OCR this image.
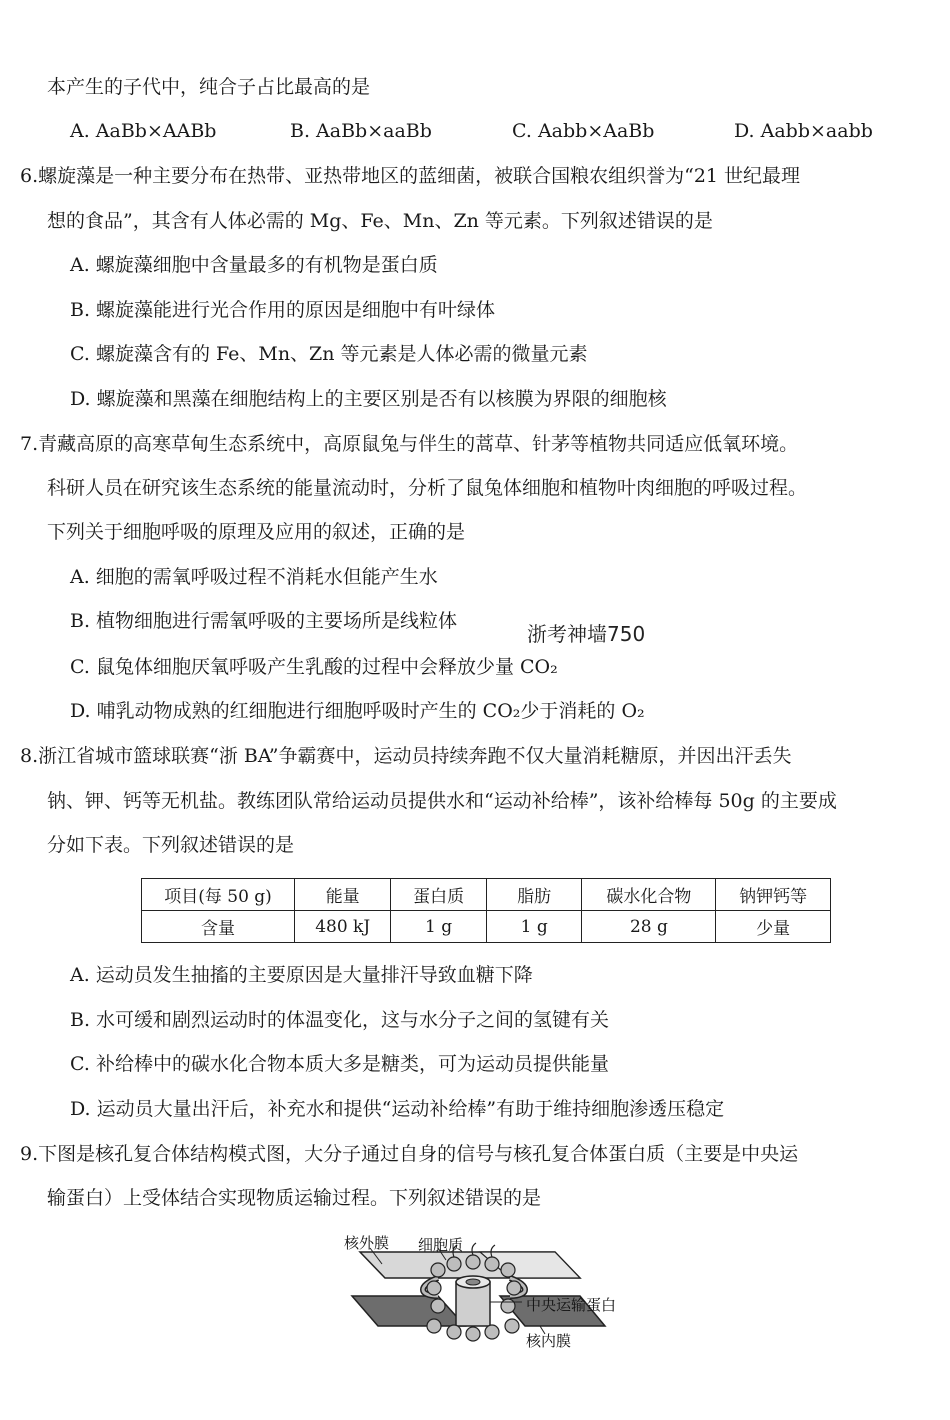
本产生的子代中，纯合子占比最高的是
A. AaBb×AABb	B. AaBb×aaBb	C. Aabb×AaBb	D. Aabb×aabb
6.螺旋藻是一种主要分布在热带、亚热带地区的蓝细菌，被联合国粮农组织誉为“21 世纪最理
想的食品”，其含有人体必需的 Mg、Fe、Mn、Zn 等元素。下列叙述错误的是
A. 螺旋藻细胞中含量最多的有机物是蛋白质
B. 螺旋藻能进行光合作用的原因是细胞中有叶绿体
C. 螺旋藻含有的 Fe、Mn、Zn 等元素是人体必需的微量元素
D. 螺旋藻和黑藻在细胞结构上的主要区别是否有以核膜为界限的细胞核
7.青藏高原的高寒草甸生态系统中，高原鼠兔与伴生的蒿草、针茅等植物共同适应低氧环境。
科研人员在研究该生态系统的能量流动时，分析了鼠兔体细胞和植物叶肉细胞的呼吸过程。
下列关于细胞呼吸的原理及应用的叙述，正确的是
A. 细胞的需氧呼吸过程不消耗水但能产生水
B. 植物细胞进行需氧呼吸的主要场所是线粒体
浙考神墙750
C. 鼠兔体细胞厌氧呼吸产生乳酸的过程中会释放少量 CO₂
D. 哺乳动物成熟的红细胞进行细胞呼吸时产生的 CO₂少于消耗的 O₂
8.浙江省城市篮球联赛“浙 BA”争霸赛中，运动员持续奔跑不仅大量消耗糖原，并因出汗丢失
钠、钾、钙等无机盐。教练团队常给运动员提供水和“运动补给棒”，该补给棒每 50g 的主要成
分如下表。下列叙述错误的是
项目(每 50 g)	能量	蛋白质	脂肪	碳水化合物	钠钾钙等
含量	480 kJ	1 g	1 g	28 g	少量
A. 运动员发生抽搐的主要原因是大量排汗导致血糖下降
B. 水可缓和剧烈运动时的体温变化，这与水分子之间的氢键有关
C. 补给棒中的碳水化合物本质大多是糖类，可为运动员提供能量
D. 运动员大量出汗后，补充水和提供“运动补给棒”有助于维持细胞渗透压稳定
9.下图是核孔复合体结构模式图，大分子通过自身的信号与核孔复合体蛋白质（主要是中央运
输蛋白）上受体结合实现物质运输过程。下列叙述错误的是
核外膜 细胞质
中央运输蛋白
核内膜
